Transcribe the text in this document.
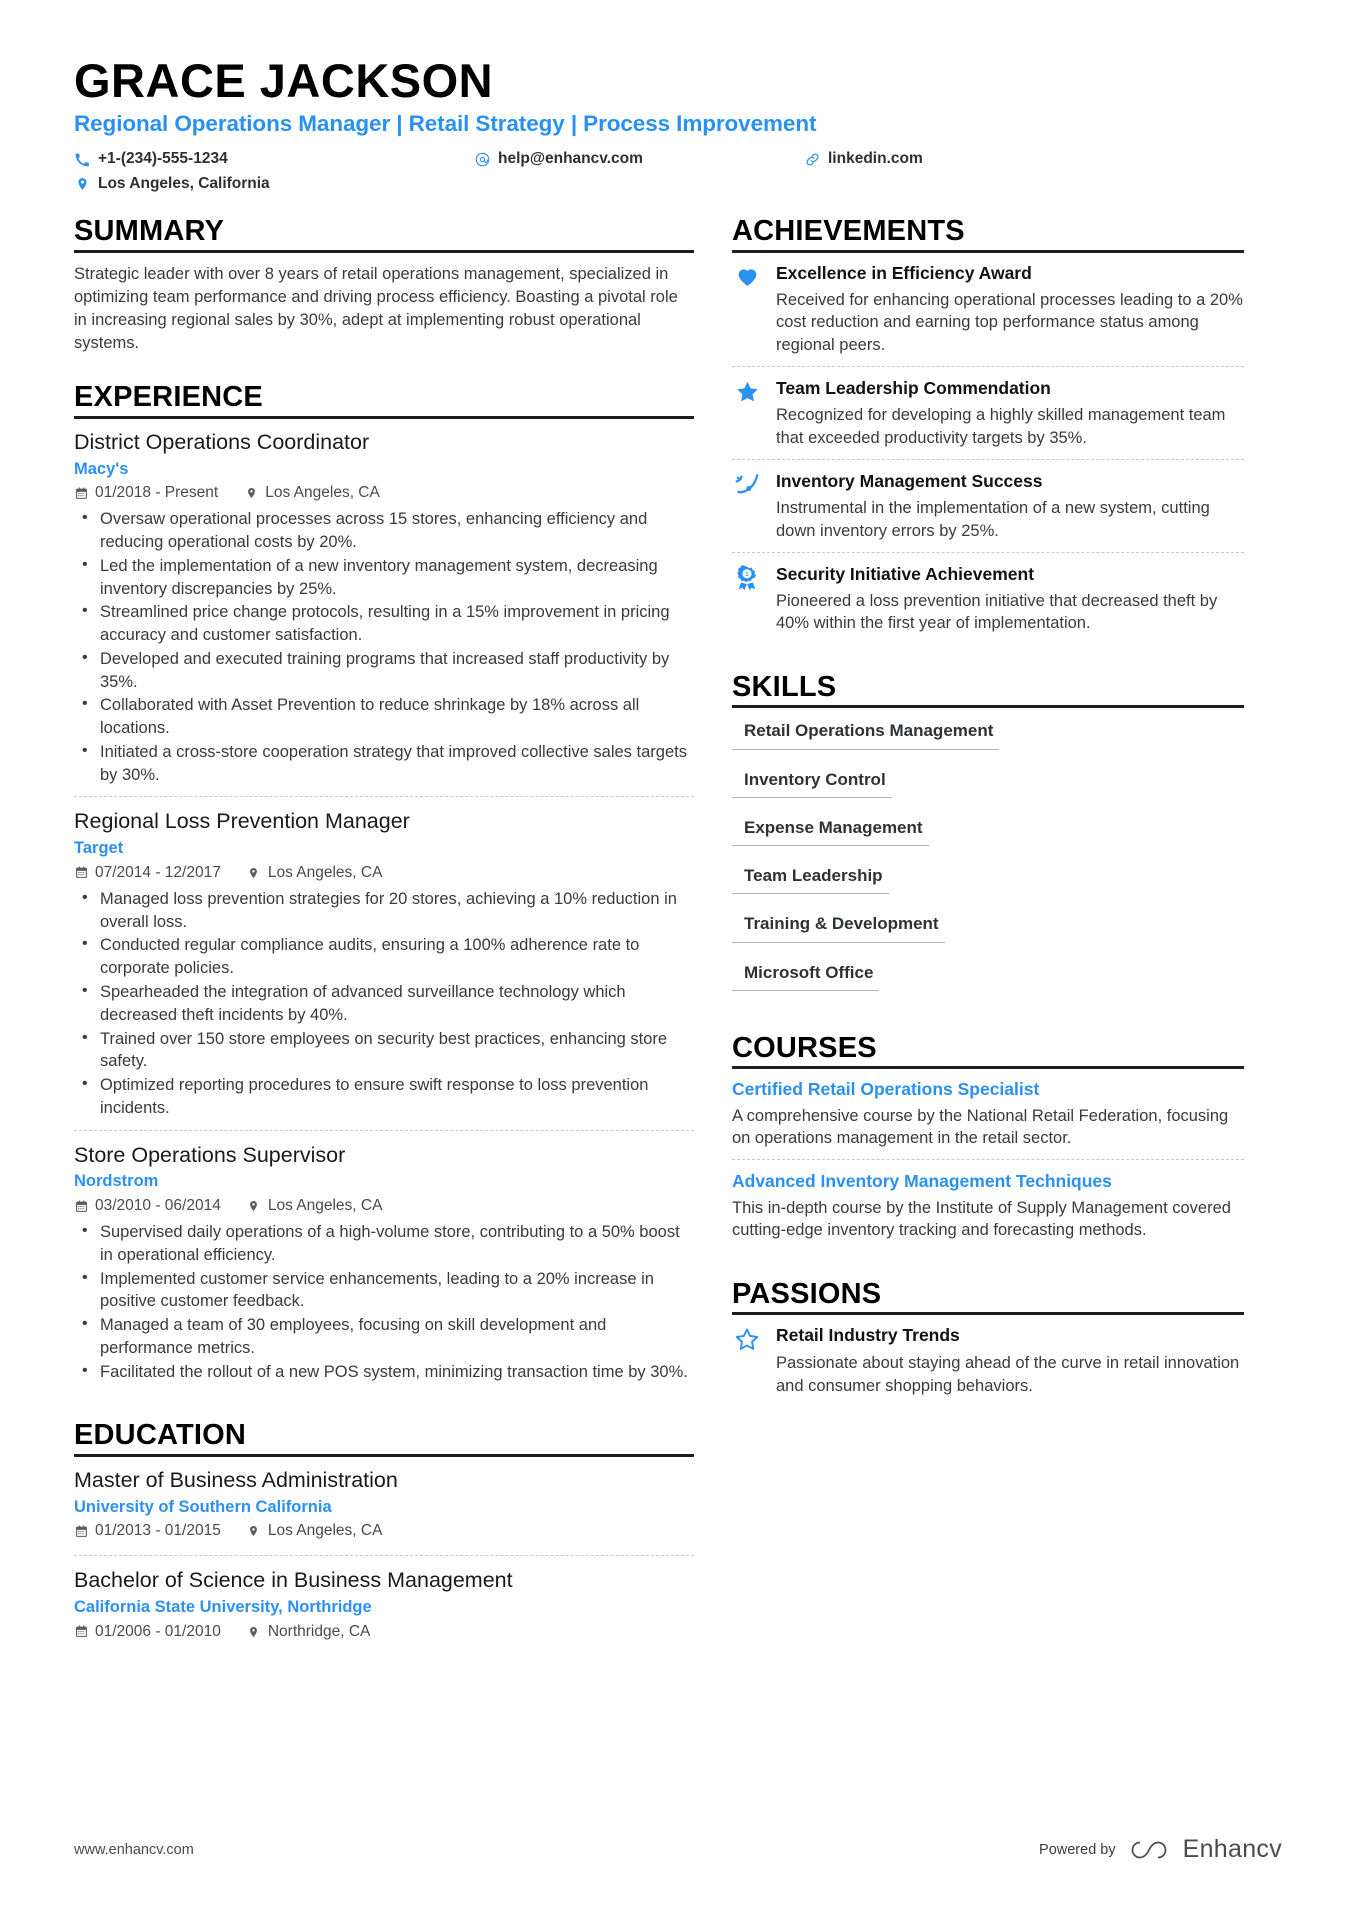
GRACE JACKSON
Regional Operations Manager | Retail Strategy | Process Improvement
+1-(234)-555-1234	help@enhancv.com	linkedin.com
Los Angeles, California
SUMMARY

Strategic leader with over 8 years of retail operations management, specialized in optimizing team performance and driving process efficiency. Boasting a pivotal role in increasing regional sales by 30%, adept at implementing robust operational systems.

EXPERIENCE
District Operations Coordinator
Macy's
01/2018 - Present	Los Angeles, CA
• Oversaw operational processes across 15 stores, enhancing efficiency and reducing operational costs by 20%.
• Led the implementation of a new inventory management system, decreasing inventory discrepancies by 25%.
• Streamlined price change protocols, resulting in a 15% improvement in pricing accuracy and customer satisfaction.
• Developed and executed training programs that increased staff productivity by 35%.
• Collaborated with Asset Prevention to reduce shrinkage by 18% across all locations.
• Initiated a cross-store cooperation strategy that improved collective sales targets by 30%.
Regional Loss Prevention Manager
Target
07/2014 - 12/2017	Los Angeles, CA
• Managed loss prevention strategies for 20 stores, achieving a 10% reduction in overall loss.
• Conducted regular compliance audits, ensuring a 100% adherence rate to corporate policies.
• Spearheaded the integration of advanced surveillance technology which decreased theft incidents by 40%.
• Trained over 150 store employees on security best practices, enhancing store safety.
• Optimized reporting procedures to ensure swift response to loss prevention incidents.
Store Operations Supervisor
Nordstrom
03/2010 - 06/2014	Los Angeles, CA
• Supervised daily operations of a high-volume store, contributing to a 50% boost in operational efficiency.
• Implemented customer service enhancements, leading to a 20% increase in positive customer feedback.
• Managed a team of 30 employees, focusing on skill development and performance metrics.
• Facilitated the rollout of a new POS system, minimizing transaction time by 30%.
EDUCATION
Master of Business Administration
University of Southern California
01/2013 - 01/2015	Los Angeles, CA
Bachelor of Science in Business Management
California State University, Northridge
01/2006 - 01/2010	Northridge, CA
ACHIEVEMENTS
Excellence in Efficiency Award

Received for enhancing operational processes leading to a 20% cost reduction and earning top performance status among regional peers.

Team Leadership Commendation

Recognized for developing a highly skilled management team that exceeded productivity targets by 35%.

Inventory Management Success

Instrumental in the implementation of a new system, cutting down inventory errors by 25%.

1 Security Initiative Achievement

Pioneered a loss prevention initiative that decreased theft by 40% within the first year of implementation.

SKILLS
Retail Operations Management
Inventory Control
Expense Management
Team Leadership
Training & Development
Microsoft Office
COURSES
Certified Retail Operations Specialist

A comprehensive course by the National Retail Federation, focusing on operations management in the retail sector.

Advanced Inventory Management Techniques

This in-depth course by the Institute of Supply Management covered cutting-edge inventory tracking and forecasting methods.

PASSIONS
Retail Industry Trends

Passionate about staying ahead of the curve in retail innovation and consumer shopping behaviors.

www.enhancv.com	Powered by	Enhancv
